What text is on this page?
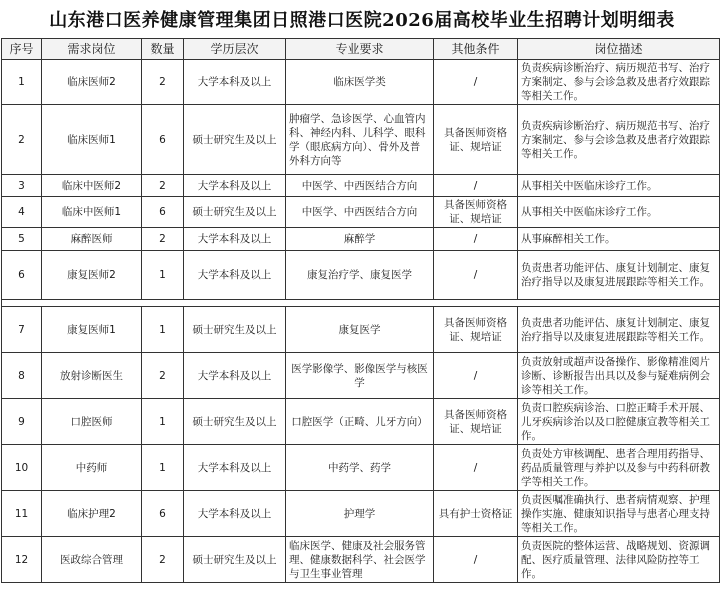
山东港口医养健康管理集团日照港口医院2026届高校毕业生招聘计划明细表
序号	需求岗位	数量	学历层次	专业要求	其他条件	岗位描述
1	临床医师2	2	大学本科及以上	临床医学类	/	负责疾病诊断治疗、病历规范书写、治疗方案制定、参与会诊急救及患者疗效跟踪等相关工作。
2	临床医师1	6	硕士研究生及以上	肿瘤学、急诊医学、心血管内科、神经内科、儿科学、眼科学（眼底病方向）、骨外及普外科方向等	具备医师资格证、规培证	负责疾病诊断治疗、病历规范书写、治疗方案制定、参与会诊急救及患者疗效跟踪等相关工作。
3	临床中医师2	2	大学本科及以上	中医学、中西医结合方向	/	从事相关中医临床诊疗工作。
4	临床中医师1	6	硕士研究生及以上	中医学、中西医结合方向	具备医师资格证、规培证	从事相关中医临床诊疗工作。
5	麻醉医师	2	大学本科及以上	麻醉学	/	从事麻醉相关工作。
6	康复医师2	1	大学本科及以上	康复治疗学、康复医学	/	负责患者功能评估、康复计划制定、康复治疗指导以及康复进展跟踪等相关工作。

7	康复医师1	1	硕士研究生及以上	康复医学	具备医师资格证、规培证	负责患者功能评估、康复计划制定、康复治疗指导以及康复进展跟踪等相关工作。
8	放射诊断医生	2	大学本科及以上	医学影像学、影像医学与核医学	/	负责放射或超声设备操作、影像精准阅片诊断、诊断报告出具以及参与疑难病例会诊等相关工作。
9	口腔医师	1	硕士研究生及以上	口腔医学（正畸、儿牙方向）	具备医师资格证、规培证	负责口腔疾病诊治、口腔正畸手术开展、儿牙疾病诊治以及口腔健康宣教等相关工作。
10	中药师	1	大学本科及以上	中药学、药学	/	负责处方审核调配、患者合理用药指导、药品质量管理与养护以及参与中药科研教学等相关工作。
11	临床护理2	6	大学本科及以上	护理学	具有护士资格证	负责医嘱准确执行、患者病情观察、护理操作实施、健康知识指导与患者心理支持等相关工作。
12	医政综合管理	2	硕士研究生及以上	临床医学、健康及社会服务管理、健康数据科学、社会医学与卫生事业管理	/	负责医院的整体运营、战略规划、资源调配、医疗质量管理、法律风险防控等工作。
